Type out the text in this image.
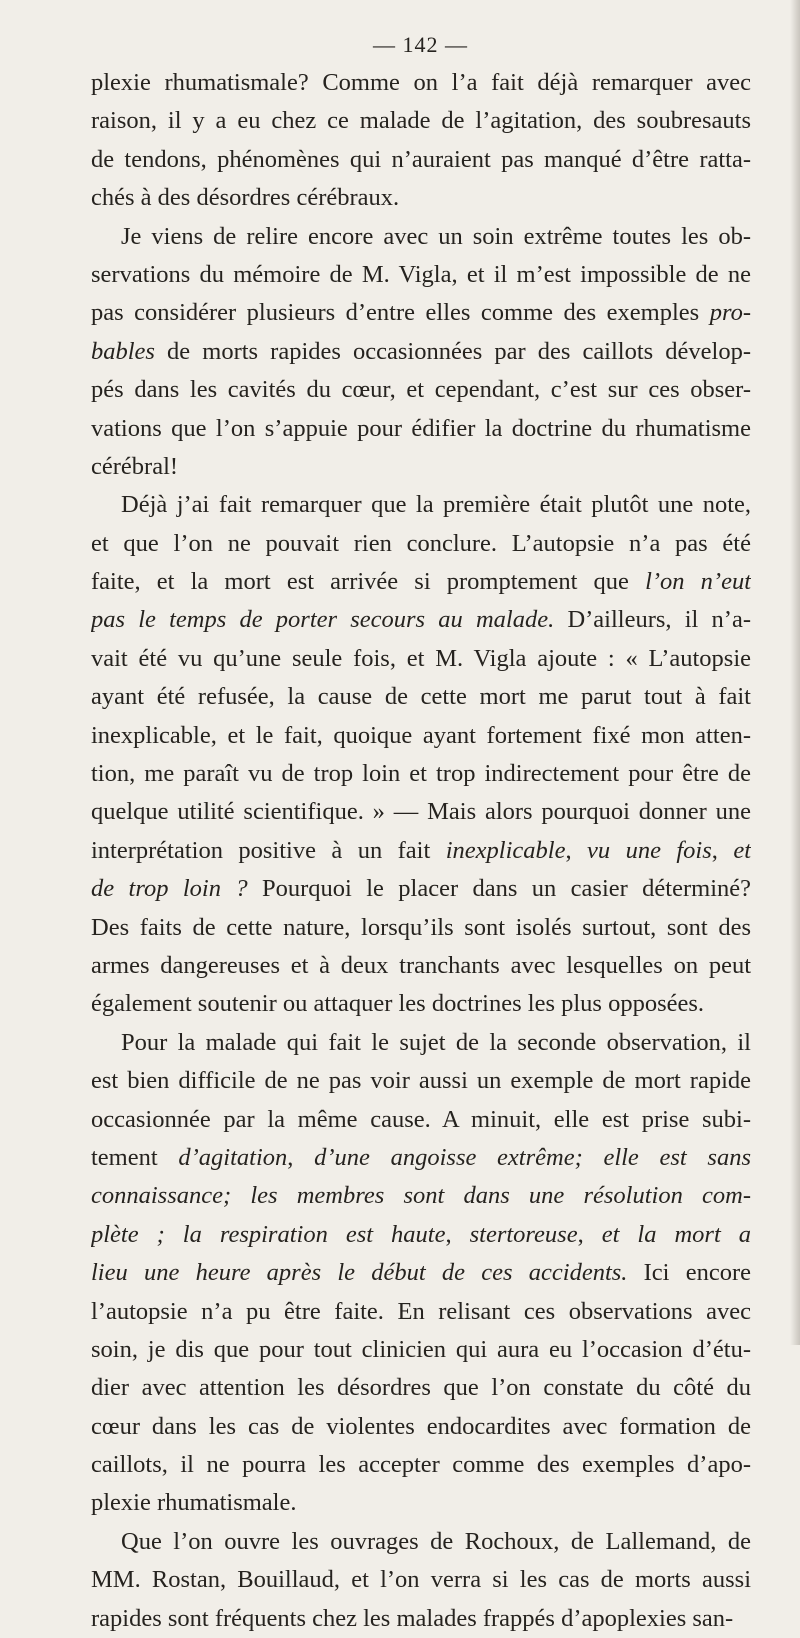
— 142 —
plexie rhumatismale? Comme on l’a fait déjà remarquer avec
raison, il y a eu chez ce malade de l’agitation, des soubresauts
de tendons, phénomènes qui n’auraient pas manqué d’être ratta-
chés à des désordres cérébraux.
Je viens de relire encore avec un soin extrême toutes les ob-
servations du mémoire de M. Vigla, et il m’est impossible de ne
pas considérer plusieurs d’entre elles comme des exemples pro-
bables de morts rapides occasionnées par des caillots dévelop-
pés dans les cavités du cœur, et cependant, c’est sur ces obser-
vations que l’on s’appuie pour édifier la doctrine du rhumatisme
cérébral!
Déjà j’ai fait remarquer que la première était plutôt une note,
et que l’on ne pouvait rien conclure. L’autopsie n’a pas été
faite, et la mort est arrivée si promptement que l’on n’eut
pas le temps de porter secours au malade. D’ailleurs, il n’a-
vait été vu qu’une seule fois, et M. Vigla ajoute : « L’autopsie
ayant été refusée, la cause de cette mort me parut tout à fait
inexplicable, et le fait, quoique ayant fortement fixé mon atten-
tion, me paraît vu de trop loin et trop indirectement pour être de
quelque utilité scientifique. » — Mais alors pourquoi donner une
interprétation positive à un fait inexplicable, vu une fois, et
de trop loin ? Pourquoi le placer dans un casier déterminé?
Des faits de cette nature, lorsqu’ils sont isolés surtout, sont des
armes dangereuses et à deux tranchants avec lesquelles on peut
également soutenir ou attaquer les doctrines les plus opposées.
Pour la malade qui fait le sujet de la seconde observation, il
est bien difficile de ne pas voir aussi un exemple de mort rapide
occasionnée par la même cause. A minuit, elle est prise subi-
tement d’agitation, d’une angoisse extrême; elle est sans
connaissance; les membres sont dans une résolution com-
plète ; la respiration est haute, stertoreuse, et la mort a
lieu une heure après le début de ces accidents. Ici encore
l’autopsie n’a pu être faite. En relisant ces observations avec
soin, je dis que pour tout clinicien qui aura eu l’occasion d’étu-
dier avec attention les désordres que l’on constate du côté du
cœur dans les cas de violentes endocardites avec formation de
caillots, il ne pourra les accepter comme des exemples d’apo-
plexie rhumatismale.
Que l’on ouvre les ouvrages de Rochoux, de Lallemand, de
MM. Rostan, Bouillaud, et l’on verra si les cas de morts aussi
rapides sont fréquents chez les malades frappés d’apoplexies san-
